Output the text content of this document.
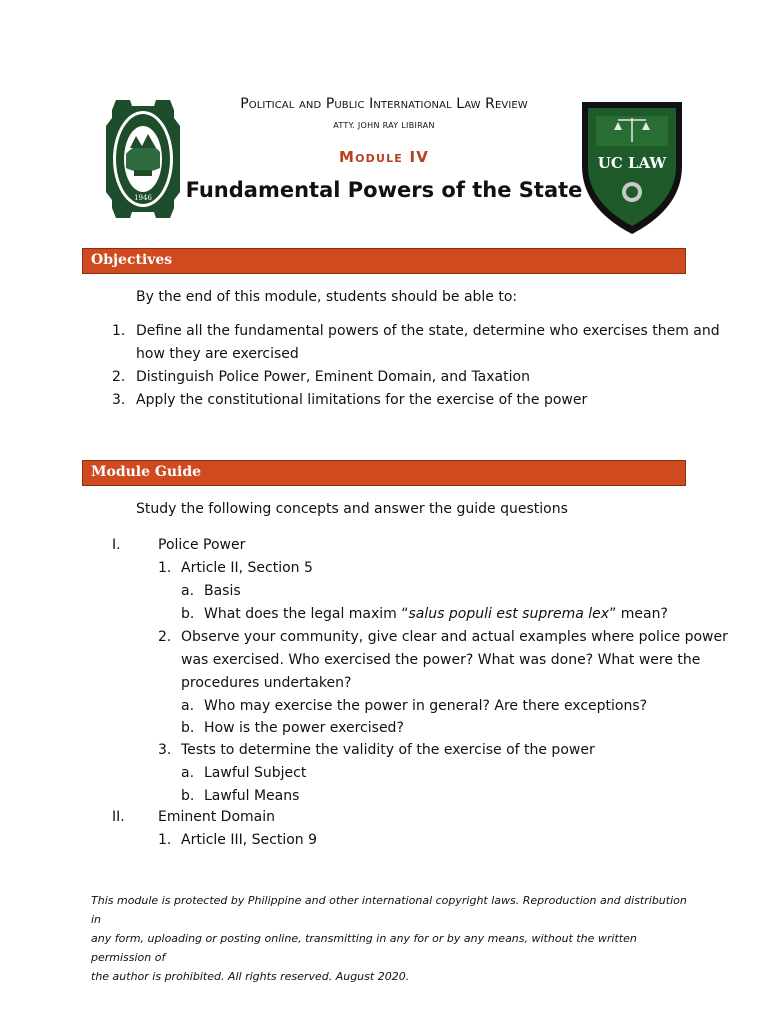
1946
Political and Public International Law Review
ATTY. JOHN RAY LIBIRAN
Module IV
Fundamental Powers of the State
UC LAW
Objectives
By the end of this module, students should be able to:
1. Define all the fundamental powers of the state, determine who exercises them and
how they are exercised
2. Distinguish Police Power, Eminent Domain, and Taxation
3. Apply the constitutional limitations for the exercise of the power
Module Guide
Study the following concepts and answer the guide questions
I.	Police Power
1. Article II, Section 5
a. Basis
b. What does the legal maxim “salus populi est suprema lex” mean?
2. Observe your community, give clear and actual examples where police power
was exercised. Who exercised the power? What was done? What were the
procedures undertaken?
a. Who may exercise the power in general? Are there exceptions?
b. How is the power exercised?
3. Tests to determine the validity of the exercise of the power
a. Lawful Subject
b. Lawful Means
II. Eminent Domain
1. Article III, Section 9
This module is protected by Philippine and other international copyright laws. Reproduction and distribution in
any form, uploading or posting online, transmitting in any for or by any means, without the written permission of
the author is prohibited. All rights reserved. August 2020.
